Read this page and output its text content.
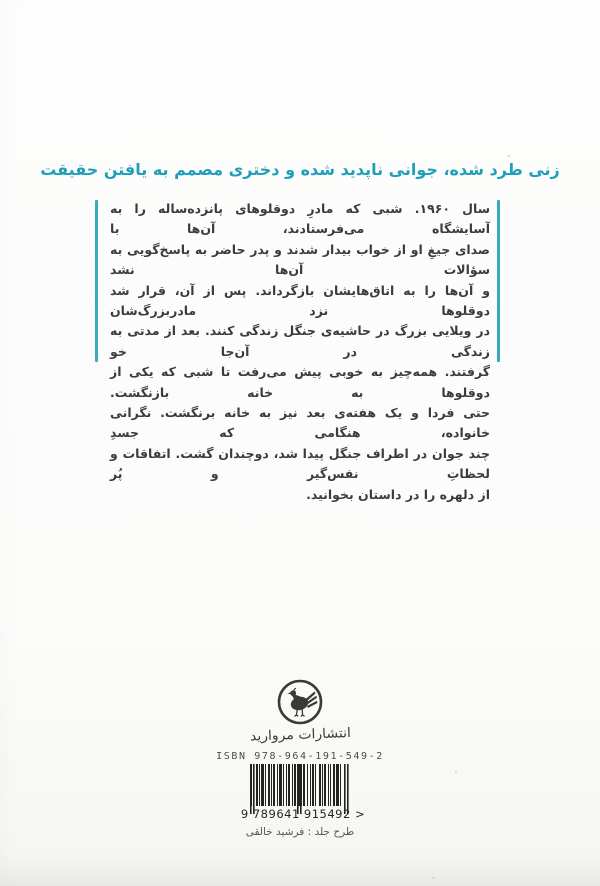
زنی طرد شده، جوانی ناپدید شده و دختری مصمم به یافتن حقیقت
سال ۱۹۶۰. شبی که مادرِ دوقلوهای پانزده‌ساله را به آسایشگاه می‌فرستادند، آن‌ها با
صدای جیغِ او از خواب بیدار شدند و پدر حاضر به پاسخ‌گویی به سؤالات آن‌ها نشد
و آن‌ها را به اتاق‌هایشان بازگرداند. پس از آن، قرار شد دوقلوها نزد مادربزرگ‌شان
در ویلایی بزرگ در حاشیه‌ی جنگل زندگی کنند. بعد از مدتی به زندگی در آن‌جا خو
گرفتند. همه‌چیز به خوبی پیش می‌رفت تا شبی که یکی از دوقلوها به خانه بازنگشت.
حتی فردا و یک هفته‌ی بعد نیز به خانه برنگشت. نگرانی خانواده، هنگامی که جسدِ
چند جوان در اطراف جنگل پیدا شد، دوچندان گشت. اتفاقات و لحظاتِ نفس‌گیر و پُر
از دلهره را در داستان بخوانید.
انتشارات مروارید
ISBN 978-964-191-549-2
9 789641 915492 >
طرح جلد : فرشید خالقی
